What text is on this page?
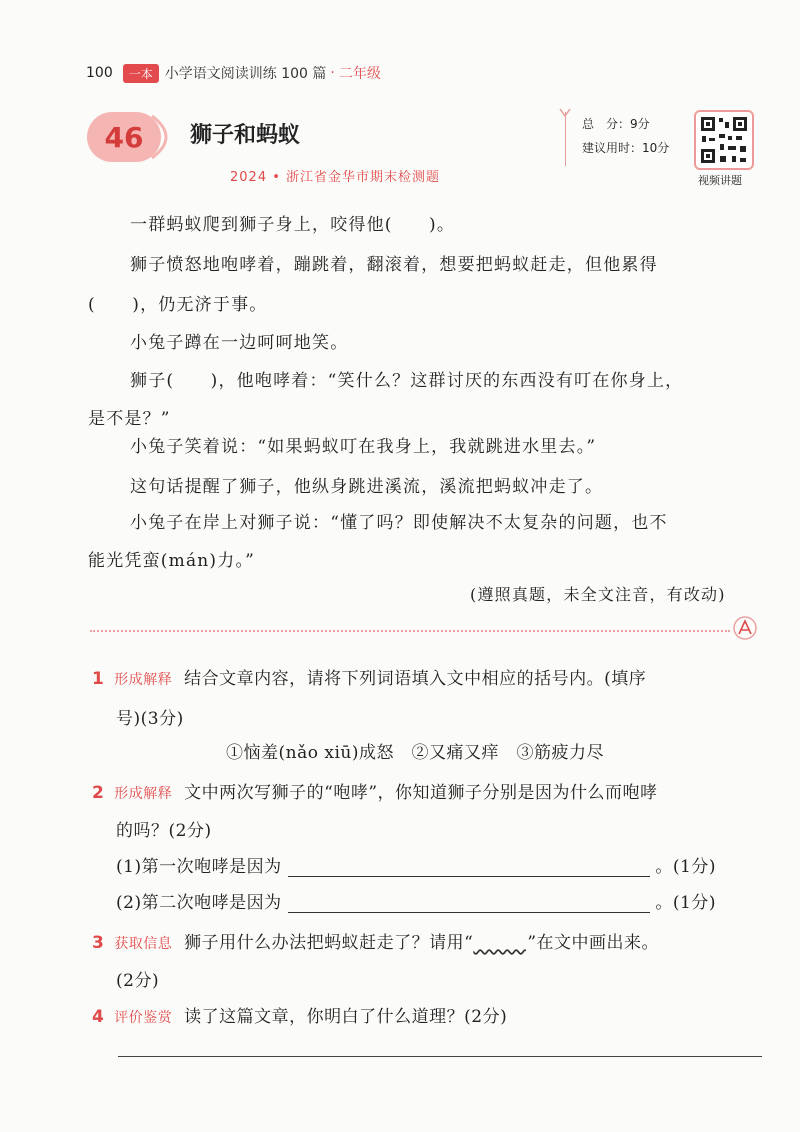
100	一本 小学语文阅读训练 100 篇 · 二年级
46 狮子和蚂蚁
2024 • 浙江省金华市期末检测题
总　分：9分
建议用时：10分
视频讲题
一群蚂蚁爬到狮子身上，咬得他(　　)。
狮子愤怒地咆哮着，蹦跳着，翻滚着，想要把蚂蚁赶走，但他累得
(　　)，仍无济于事。
小兔子蹲在一边呵呵地笑。
狮子(　　)，他咆哮着：“笑什么？这群讨厌的东西没有叮在你身上，
是不是？”
小兔子笑着说：“如果蚂蚁叮在我身上，我就跳进水里去。”
这句话提醒了狮子，他纵身跳进溪流，溪流把蚂蚁冲走了。
小兔子在岸上对狮子说：“懂了吗？即使解决不太复杂的问题，也不
能光凭蛮(mán)力。”
(遵照真题，未全文注音，有改动)
1 形成解释 结合文章内容，请将下列词语填入文中相应的括号内。(填序
号)(3分)
①恼羞(nǎo xiū)成怒　②又痛又痒　③筋疲力尽
2 形成解释 文中两次写狮子的“咆哮”，你知道狮子分别是因为什么而咆哮
的吗？(2分)
(1)第一次咆哮是因为	。(1分)
(2)第二次咆哮是因为	。(1分)
3 获取信息 狮子用什么办法把蚂蚁赶走了？请用“	”在文中画出来。
(2分)
4 评价鉴赏 读了这篇文章，你明白了什么道理？(2分)
